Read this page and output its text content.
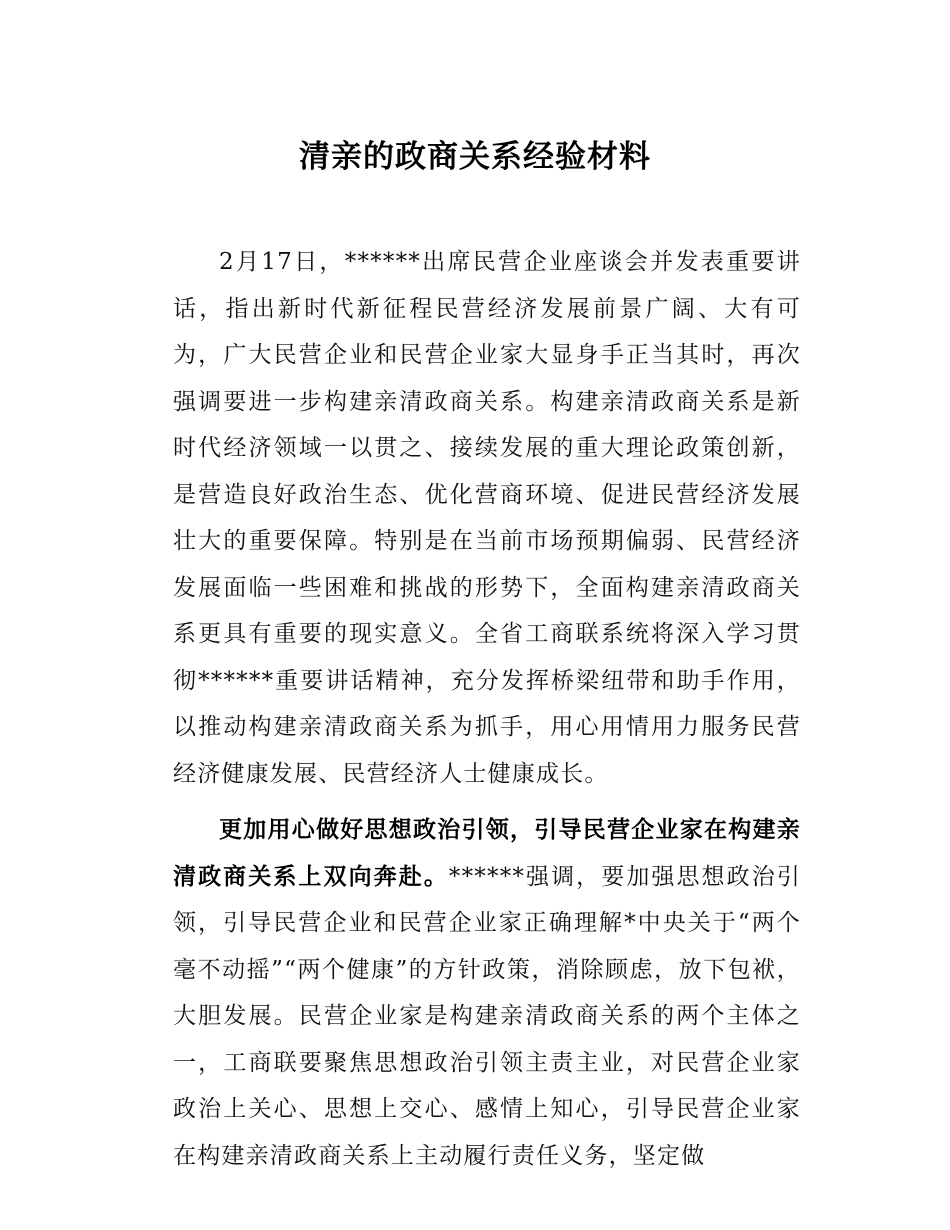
清亲的政商关系经验材料

2月17日，******出席民营企业座谈会并发表重要讲话，指出新时代新征程民营经济发展前景广阔、大有可为，广大民营企业和民营企业家大显身手正当其时，再次强调要进一步构建亲清政商关系。构建亲清政商关系是新时代经济领域一以贯之、接续发展的重大理论政策创新，是营造良好政治生态、优化营商环境、促进民营经济发展壮大的重要保障。特别是在当前市场预期偏弱、民营经济发展面临一些困难和挑战的形势下，全面构建亲清政商关系更具有重要的现实意义。全省工商联系统将深入学习贯彻******重要讲话精神，充分发挥桥梁纽带和助手作用，以推动构建亲清政商关系为抓手，用心用情用力服务民营经济健康发展、民营经济人士健康成长。

更加用心做好思想政治引领，引导民营企业家在构建亲清政商关系上双向奔赴。******强调，要加强思想政治引领，引导民营企业和民营企业家正确理解*中央关于“两个毫不动摇”“两个健康”的方针政策，消除顾虑，放下包袱，大胆发展。民营企业家是构建亲清政商关系的两个主体之一，工商联要聚焦思想政治引领主责主业，对民营企业家政治上关心、思想上交心、感情上知心，引导民营企业家在构建亲清政商关系上主动履行责任义务，坚定做
